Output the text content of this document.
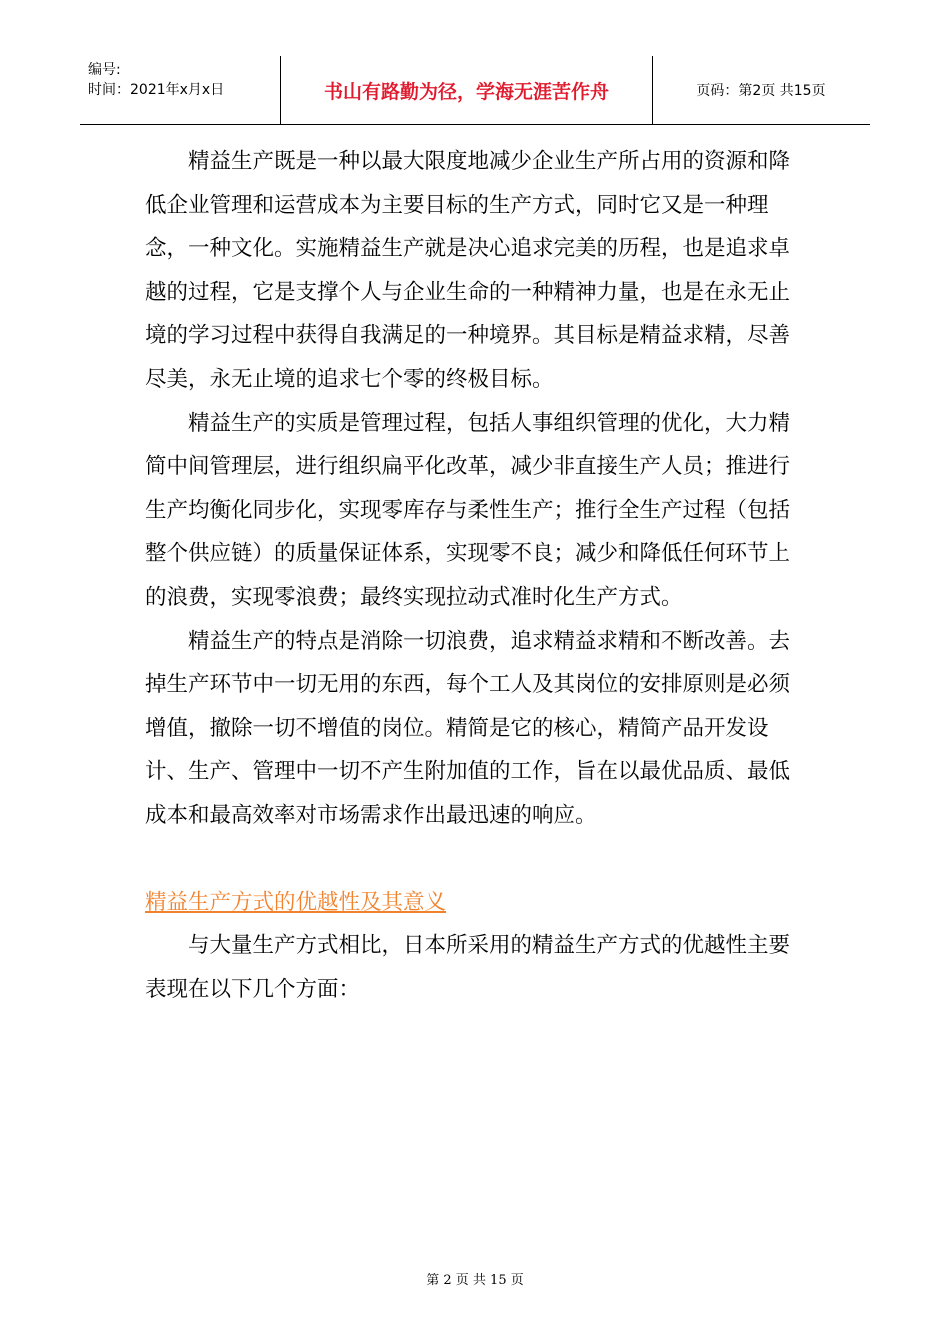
编号:
时间：2021年x月x日	书山有路勤为径，学海无涯苦作舟	页码：第2页 共15页

精益生产既是一种以最大限度地减少企业生产所占用的资源和降低企业管理和运营成本为主要目标的生产方式，同时它又是一种理念，一种文化。实施精益生产就是决心追求完美的历程，也是追求卓越的过程，它是支撑个人与企业生命的一种精神力量，也是在永无止境的学习过程中获得自我满足的一种境界。其目标是精益求精，尽善尽美，永无止境的追求七个零的终极目标。

精益生产的实质是管理过程，包括人事组织管理的优化，大力精简中间管理层，进行组织扁平化改革，减少非直接生产人员；推进行生产均衡化同步化，实现零库存与柔性生产；推行全生产过程（包括整个供应链）的质量保证体系，实现零不良；减少和降低任何环节上的浪费，实现零浪费；最终实现拉动式准时化生产方式。

精益生产的特点是消除一切浪费，追求精益求精和不断改善。去掉生产环节中一切无用的东西，每个工人及其岗位的安排原则是必须增值，撤除一切不增值的岗位。精简是它的核心，精简产品开发设计、生产、管理中一切不产生附加值的工作，旨在以最优品质、最低成本和最高效率对市场需求作出最迅速的响应。

精益生产方式的优越性及其意义

与大量生产方式相比，日本所采用的精益生产方式的优越性主要表现在以下几个方面：

第 2 页 共 15 页
